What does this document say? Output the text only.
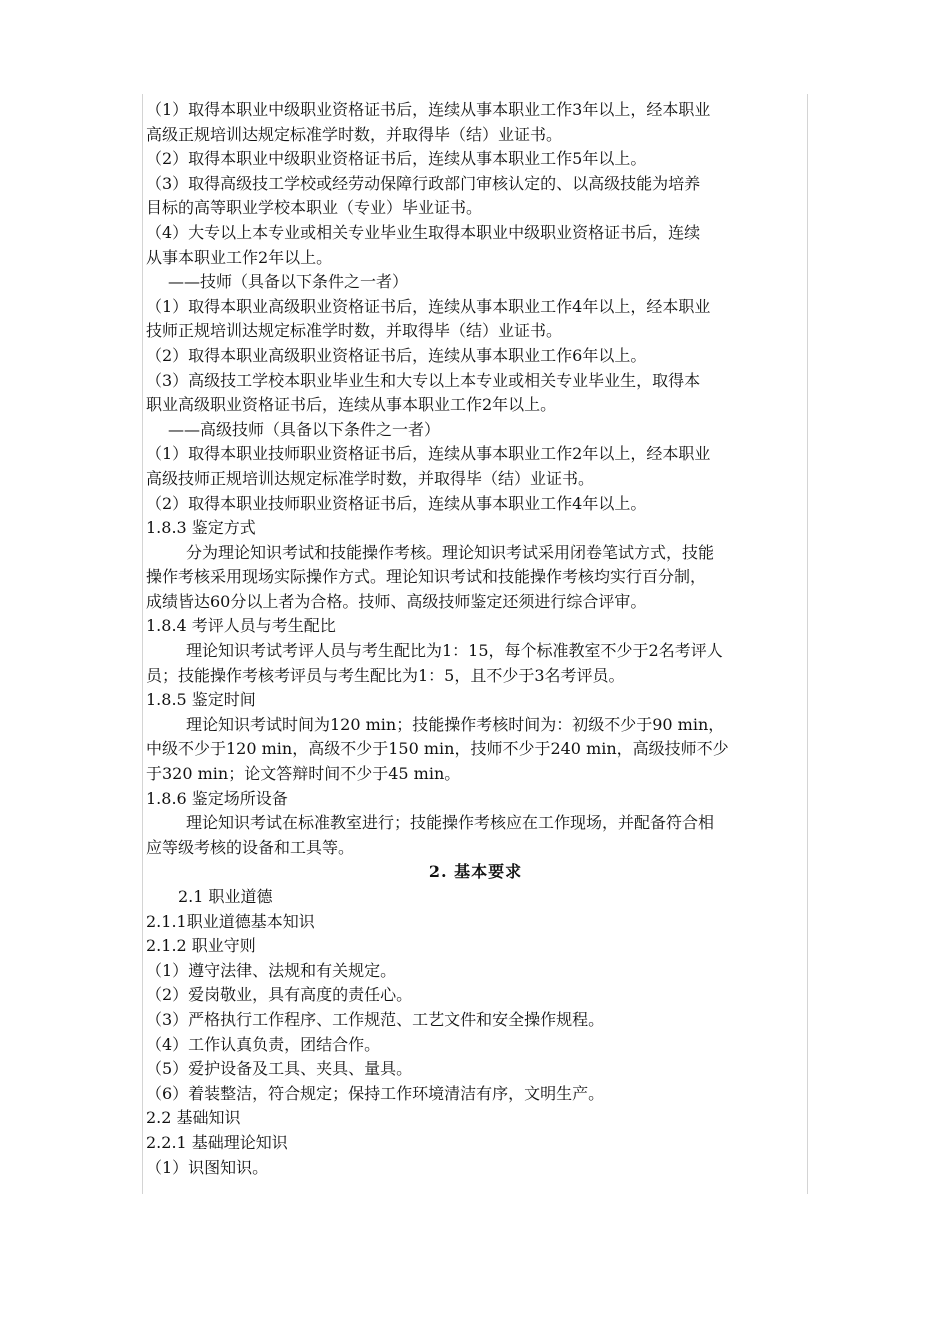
（1）取得本职业中级职业资格证书后，连续从事本职业工作3年以上，经本职业
高级正规培训达规定标准学时数，并取得毕（结）业证书。
（2）取得本职业中级职业资格证书后，连续从事本职业工作5年以上。
（3）取得高级技工学校或经劳动保障行政部门审核认定的、以高级技能为培养
目标的高等职业学校本职业（专业）毕业证书。
（4）大专以上本专业或相关专业毕业生取得本职业中级职业资格证书后，连续
从事本职业工作2年以上。
——技师（具备以下条件之一者）
（1）取得本职业高级职业资格证书后，连续从事本职业工作4年以上，经本职业
技师正规培训达规定标准学时数，并取得毕（结）业证书。
（2）取得本职业高级职业资格证书后，连续从事本职业工作6年以上。
（3）高级技工学校本职业毕业生和大专以上本专业或相关专业毕业生，取得本
职业高级职业资格证书后，连续从事本职业工作2年以上。
——高级技师（具备以下条件之一者）
（1）取得本职业技师职业资格证书后，连续从事本职业工作2年以上，经本职业
高级技师正规培训达规定标准学时数，并取得毕（结）业证书。
（2）取得本职业技师职业资格证书后，连续从事本职业工作4年以上。
1.8.3 鉴定方式
分为理论知识考试和技能操作考核。理论知识考试采用闭卷笔试方式，技能
操作考核采用现场实际操作方式。理论知识考试和技能操作考核均实行百分制，
成绩皆达60分以上者为合格。技师、高级技师鉴定还须进行综合评审。
1.8.4 考评人员与考生配比
理论知识考试考评人员与考生配比为1：15，每个标准教室不少于2名考评人
员；技能操作考核考评员与考生配比为1：5，且不少于3名考评员。
1.8.5 鉴定时间
理论知识考试时间为120 min；技能操作考核时间为：初级不少于90 min，
中级不少于120 min，高级不少于150 min，技师不少于240 min，高级技师不少
于320 min；论文答辩时间不少于45 min。
1.8.6 鉴定场所设备
理论知识考试在标准教室进行；技能操作考核应在工作现场，并配备符合相
应等级考核的设备和工具等。
2. 基本要求
2.1 职业道德
2.1.1职业道德基本知识
2.1.2 职业守则
（1）遵守法律、法规和有关规定。
（2）爱岗敬业，具有高度的责任心。
（3）严格执行工作程序、工作规范、工艺文件和安全操作规程。
（4）工作认真负责，团结合作。
（5）爱护设备及工具、夹具、量具。
（6）着装整洁，符合规定；保持工作环境清洁有序，文明生产。
2.2 基础知识
2.2.1 基础理论知识
（1）识图知识。
